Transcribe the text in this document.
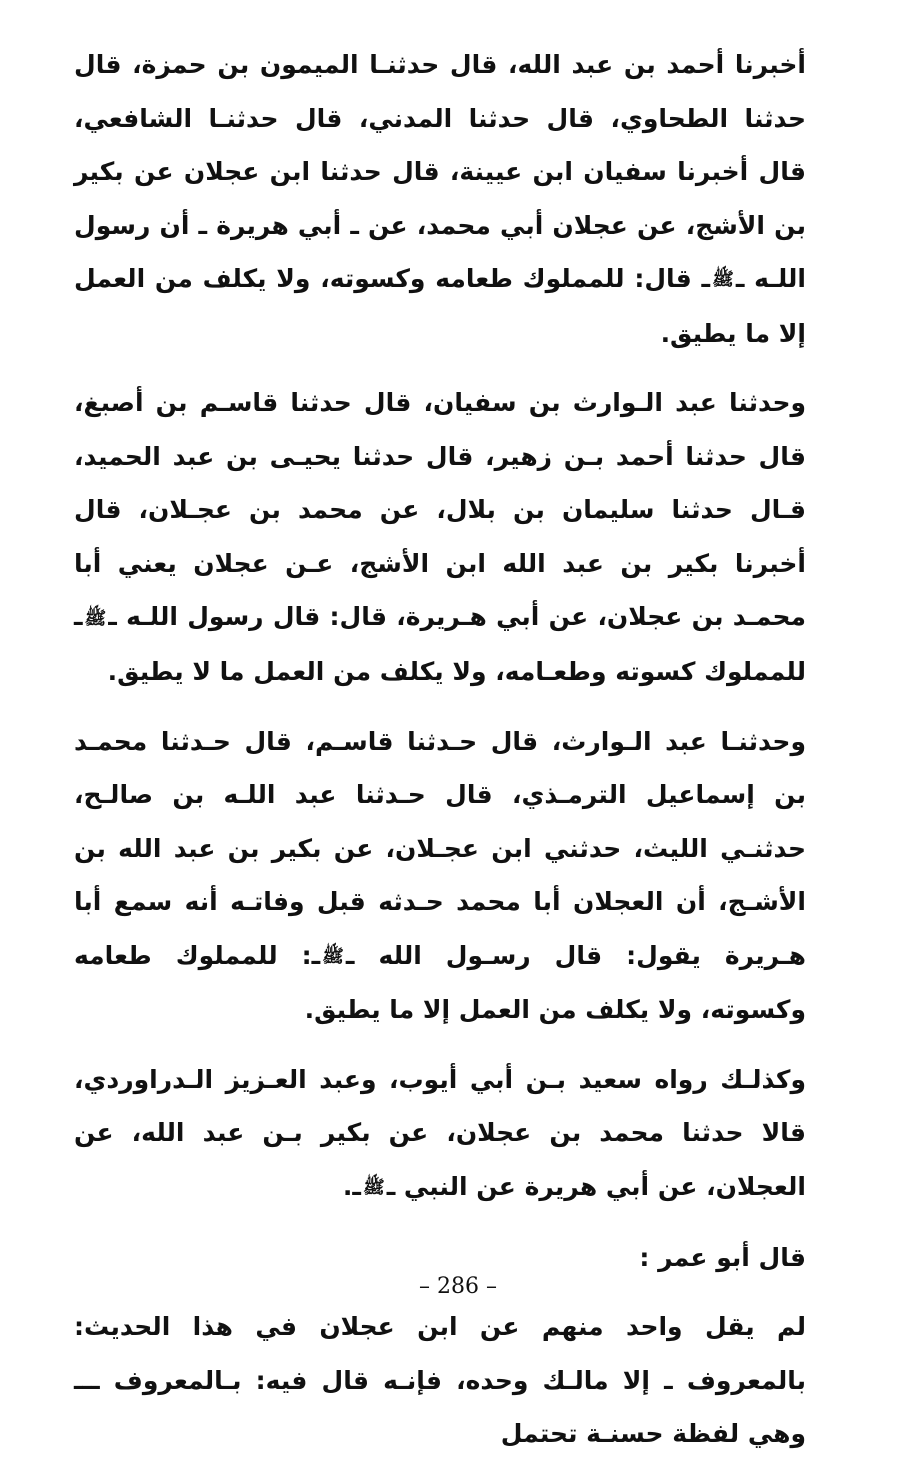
أخبرنا أحمد بن عبد الله، قال حدثنـا الميمون بن حمزة، قال حدثنا الطحاوي، قال حدثنا المدني، قال حدثنـا الشافعي، قال أخبرنا سفيان ابن عيينة، قال حدثنا ابن عجلان عن بكير بن الأشج، عن عجلان أبي محمد، عن ـ أبي هريرة ـ أن رسول اللـه ـﷺـ قال: للمملوك طعامه وكسوته، ولا يكلف من العمل إلا ما يطيق.

وحدثنا عبد الـوارث بن سفيان، قال حدثنا قاسـم بن أصبغ، قال حدثنا أحمد بـن زهير، قال حدثنا يحيـى بن عبد الحميد، قـال حدثنا سليمان بن بلال، عن محمد بن عجـلان، قال أخبرنا بكير بن عبد الله ابن الأشج، عـن عجلان يعني أبا محمـد بن عجلان، عن أبي هـريرة، قال: قال رسول اللـه ـﷺـ للمملوك كسوته وطعـامه، ولا يكلف من العمل ما لا يطيق.

وحدثنـا عبد الـوارث، قال حـدثنا قاسـم، قال حـدثنا محمـد بن إسماعيل الترمـذي، قال حـدثنا عبد اللـه بن صالـح، حدثنـي الليث، حدثني ابن عجـلان، عن بكير بن عبد الله بن الأشـج، أن العجلان أبا محمد حـدثه قبل وفاتـه أنه سمع أبا هـريرة يقول: قال رسـول الله ـﷺـ: للمملوك طعامه وكسوته، ولا يكلف من العمل إلا ما يطيق.

وكذلـك رواه سعيد بـن أبي أيوب، وعبد العـزيز الـدراوردي، قالا حدثنا محمد بن عجلان، عن بكير بـن عبد الله، عن العجلان، عن أبي هريرة عن النبي ـﷺـ.

قال أبو عمر :

لم يقل واحد منهم عن ابن عجلان في هذا الحديث: بالمعروف ـ إلا مالـك وحده، فإنـه قال فيه: بـالمعروف ـــ وهي لفظة حسنـة تحتمل

– 286 –
